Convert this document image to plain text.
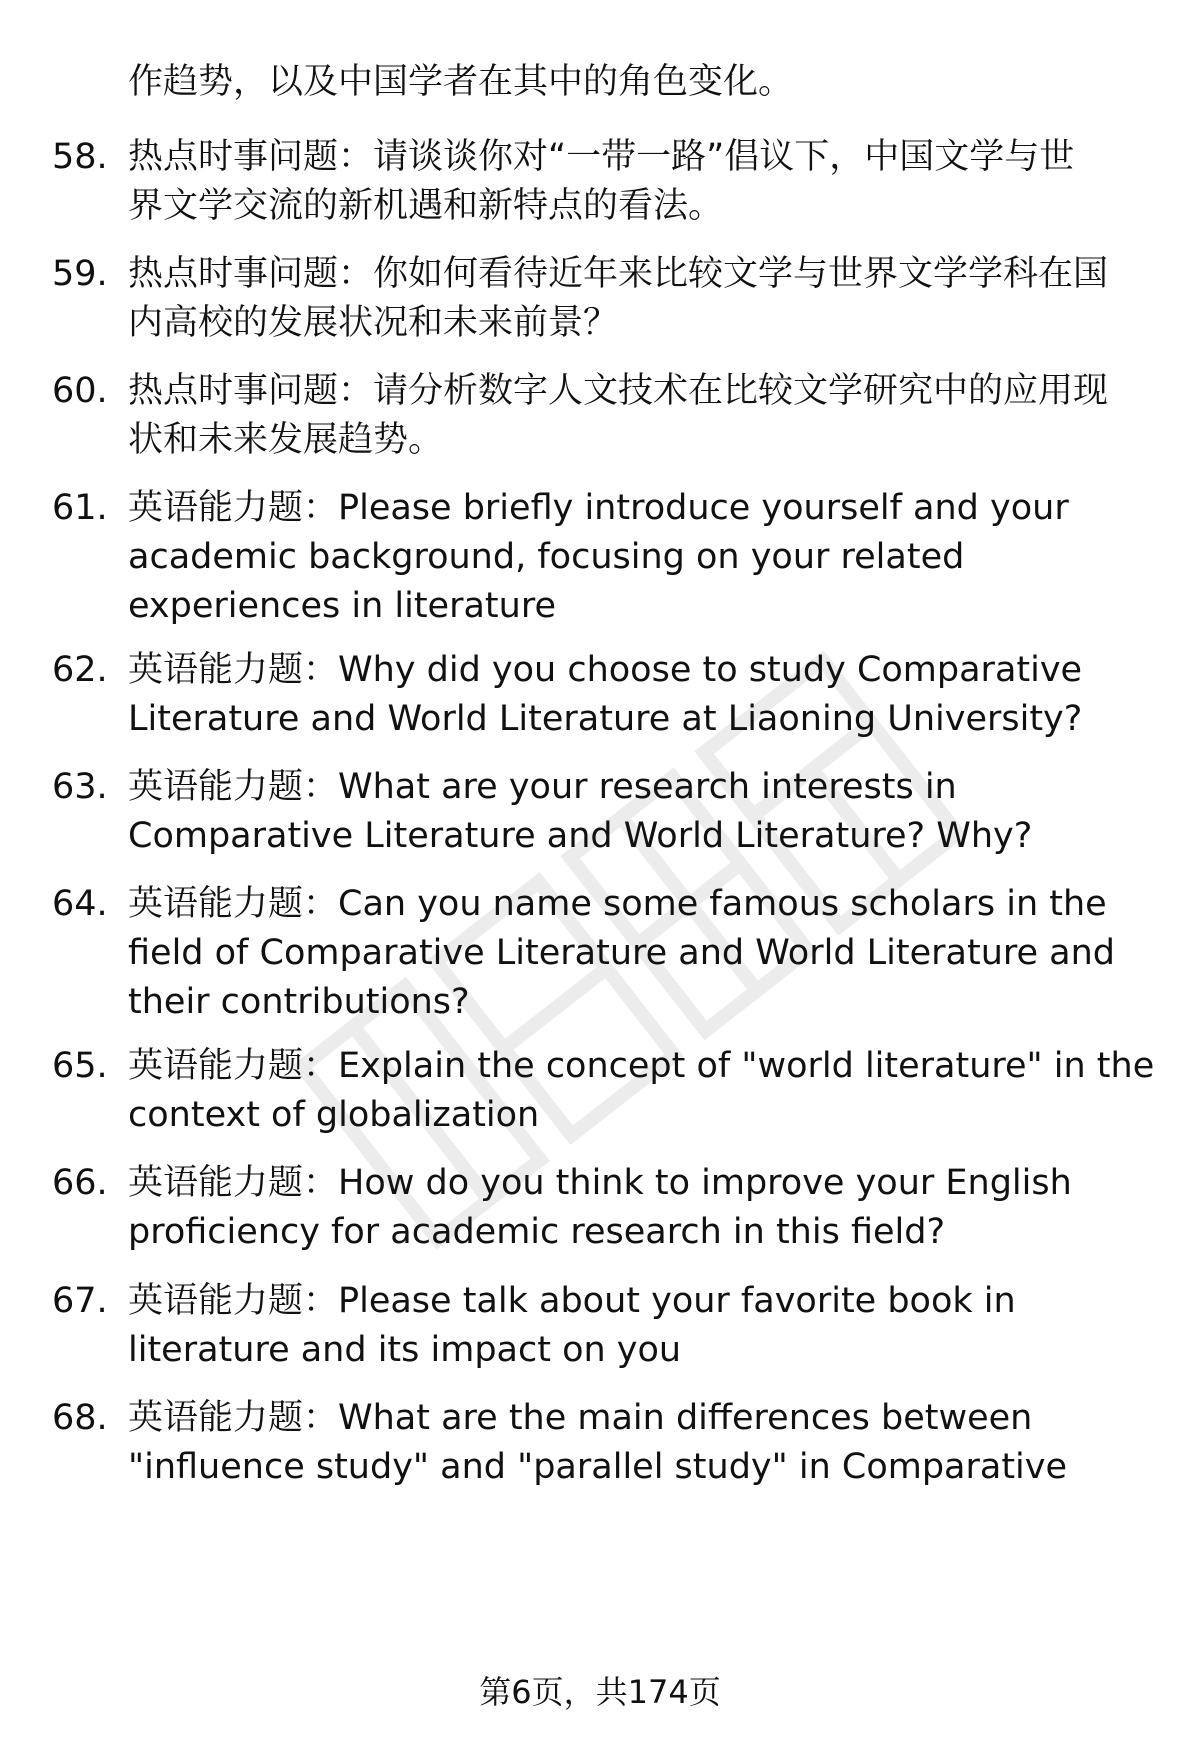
作趋势，以及中国学者在其中的角色变化。
58. 热点时事问题：请谈谈你对“一带一路”倡议下，中国文学与世
界文学交流的新机遇和新特点的看法。
59. 热点时事问题：你如何看待近年来比较文学与世界文学学科在国
内高校的发展状况和未来前景？
60. 热点时事问题：请分析数字人文技术在比较文学研究中的应用现
状和未来发展趋势。
61. 英语能力题：Please briefly introduce yourself and your
academic background, focusing on your related
experiences in literature
62. 英语能力题：Why did you choose to study Comparative
Literature and World Literature at Liaoning University?
63. 英语能力题：What are your research interests in
Comparative Literature and World Literature? Why?
64. 英语能力题：Can you name some famous scholars in the
field of Comparative Literature and World Literature and
their contributions?
65. 英语能力题：Explain the concept of "world literature" in the
context of globalization
66. 英语能力题：How do you think to improve your English
proficiency for academic research in this field?
67. 英语能力题：Please talk about your favorite book in
literature and its impact on you
68. 英语能力题：What are the main differences between
"influence study" and "parallel study" in Comparative
第6页，共174页
